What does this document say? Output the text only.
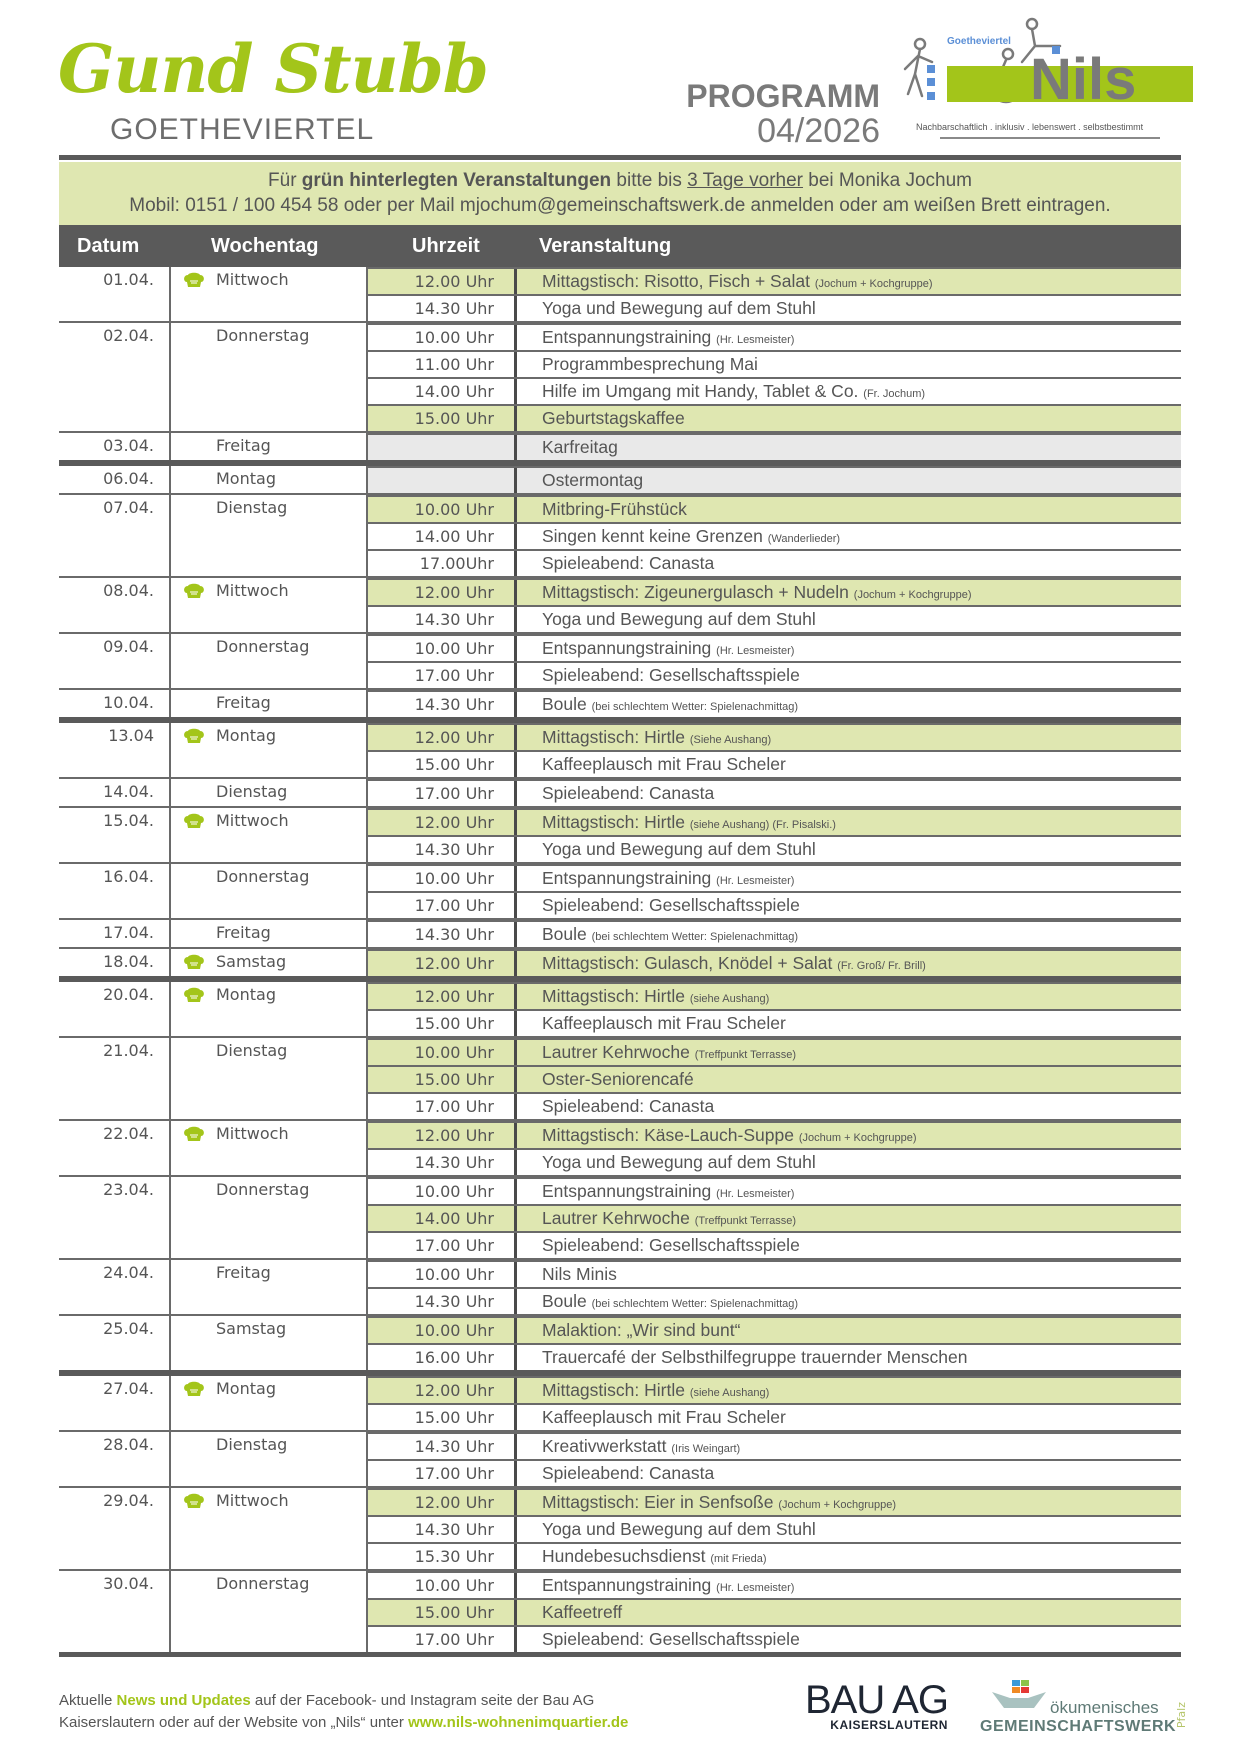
Gund Stubb
GOETHEVIERTEL
PROGRAMM
04/2026
Goetheviertel
Nils
Nachbarschaftlich . inklusiv . lebenswert . selbstbestimmt
Für grün hinterlegten Veranstaltungen bitte bis 3 Tage vorher bei Monika Jochum
Mobil: 0151 / 100 454 58 oder per Mail mjochum@gemeinschaftswerk.de anmelden oder am weißen Brett eintragen.
Datum	Wochentag	Uhrzeit	Veranstaltung
01.04.	Mittwoch	12.00 Uhr	Mittagstisch: Risotto, Fisch + Salat (Jochum + Kochgruppe)
14.30 Uhr	Yoga und Bewegung auf dem Stuhl
02.04.	Donnerstag	10.00 Uhr	Entspannungstraining (Hr. Lesmeister)
11.00 Uhr	Programmbesprechung Mai
14.00 Uhr	Hilfe im Umgang mit Handy, Tablet & Co. (Fr. Jochum)
15.00 Uhr	Geburtstagskaffee
03.04.	Freitag	Karfreitag
06.04.	Montag	Ostermontag
07.04.	Dienstag	10.00 Uhr	Mitbring-Frühstück
14.00 Uhr	Singen kennt keine Grenzen (Wanderlieder)
17.00Uhr	Spieleabend: Canasta
08.04.	Mittwoch	12.00 Uhr	Mittagstisch: Zigeunergulasch + Nudeln (Jochum + Kochgruppe)
14.30 Uhr	Yoga und Bewegung auf dem Stuhl
09.04.	Donnerstag	10.00 Uhr	Entspannungstraining (Hr. Lesmeister)
17.00 Uhr	Spieleabend: Gesellschaftsspiele
10.04.	Freitag	14.30 Uhr	Boule (bei schlechtem Wetter: Spielenachmittag)
13.04	Montag	12.00 Uhr	Mittagstisch: Hirtle (Siehe Aushang)
15.00 Uhr	Kaffeeplausch mit Frau Scheler
14.04.	Dienstag	17.00 Uhr	Spieleabend: Canasta
15.04.	Mittwoch	12.00 Uhr	Mittagstisch: Hirtle (siehe Aushang) (Fr. Pisalski.)
14.30 Uhr	Yoga und Bewegung auf dem Stuhl
16.04.	Donnerstag	10.00 Uhr	Entspannungstraining (Hr. Lesmeister)
17.00 Uhr	Spieleabend: Gesellschaftsspiele
17.04.	Freitag	14.30 Uhr	Boule (bei schlechtem Wetter: Spielenachmittag)
18.04.	Samstag	12.00 Uhr	Mittagstisch: Gulasch, Knödel + Salat (Fr. Groß/ Fr. Brill)
20.04.	Montag	12.00 Uhr	Mittagstisch: Hirtle (siehe Aushang)
15.00 Uhr	Kaffeeplausch mit Frau Scheler
21.04.	Dienstag	10.00 Uhr	Lautrer Kehrwoche (Treffpunkt Terrasse)
15.00 Uhr	Oster-Seniorencafé
17.00 Uhr	Spieleabend: Canasta
22.04.	Mittwoch	12.00 Uhr	Mittagstisch: Käse-Lauch-Suppe (Jochum + Kochgruppe)
14.30 Uhr	Yoga und Bewegung auf dem Stuhl
23.04.	Donnerstag	10.00 Uhr	Entspannungstraining (Hr. Lesmeister)
14.00 Uhr	Lautrer Kehrwoche (Treffpunkt Terrasse)
17.00 Uhr	Spieleabend: Gesellschaftsspiele
24.04.	Freitag	10.00 Uhr	Nils Minis
14.30 Uhr	Boule (bei schlechtem Wetter: Spielenachmittag)
25.04.	Samstag	10.00 Uhr	Malaktion: „Wir sind bunt“
16.00 Uhr	Trauercafé der Selbsthilfegruppe trauernder Menschen
27.04.	Montag	12.00 Uhr	Mittagstisch: Hirtle (siehe Aushang)
15.00 Uhr	Kaffeeplausch mit Frau Scheler
28.04.	Dienstag	14.30 Uhr	Kreativwerkstatt (Iris Weingart)
17.00 Uhr	Spieleabend: Canasta
29.04.	Mittwoch	12.00 Uhr	Mittagstisch: Eier in Senfsoße (Jochum + Kochgruppe)
14.30 Uhr	Yoga und Bewegung auf dem Stuhl
15.30 Uhr	Hundebesuchsdienst (mit Frieda)
30.04.	Donnerstag	10.00 Uhr	Entspannungstraining (Hr. Lesmeister)
15.00 Uhr	Kaffeetreff
17.00 Uhr	Spieleabend: Gesellschaftsspiele
Aktuelle News und Updates auf der Facebook- und Instagram seite der Bau AG
Kaiserslautern oder auf der Website von „Nils“ unter www.nils-wohnenimquartier.de
BAU AG
KAISERSLAUTERN
ökumenisches
GEMEINSCHAFTSWERK
Pfalz
